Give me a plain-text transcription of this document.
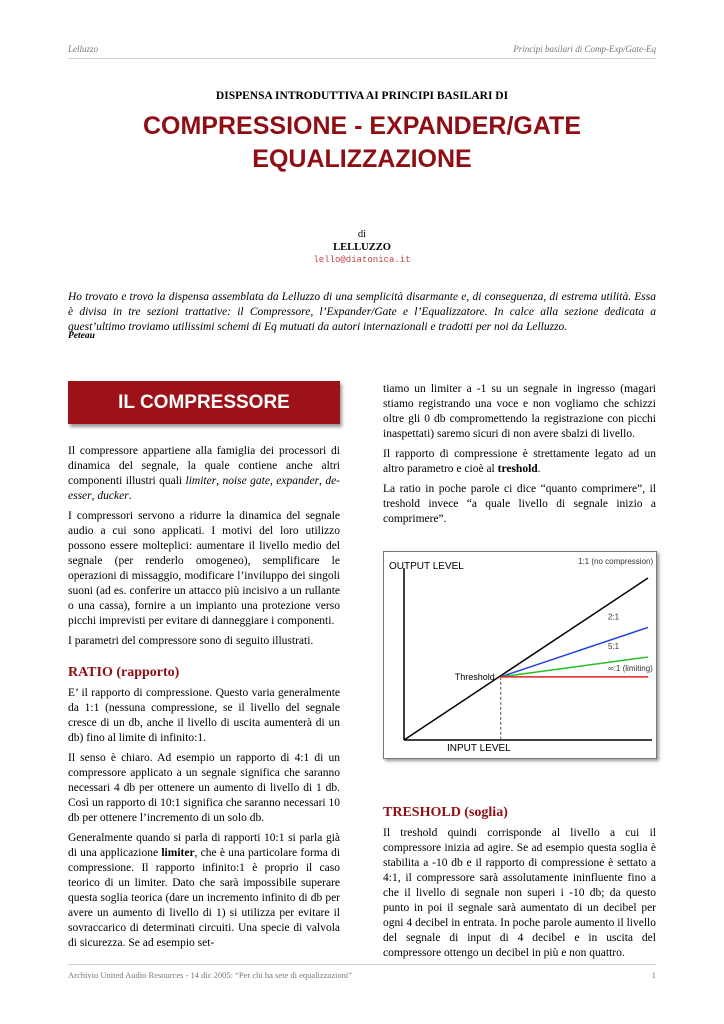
Lelluzzo	Principi basilari di Comp-Exp/Gate-Eq
DISPENSA INTRODUTTIVA AI PRINCIPI BASILARI DI
COMPRESSIONE - EXPANDER/GATE
EQUALIZZAZIONE
di
LELLUZZO
lello@diatonica.it

Ho trovato e trovo la dispensa assemblata da Lelluzzo di una semplicità disarmante e, di conseguenza, di estrema utilità. Essa è divisa in tre sezioni trattative: il Compressore, l’Expander/Gate e l’Equalizzatore. In calce alla sezione dedicata a quest’ultimo troviamo utilissimi schemi di Eq mutuati da autori internazionali e tradotti per noi da Lelluzzo.

Peteau
IL COMPRESSORE

Il compressore appartiene alla famiglia dei processori di dinamica del segnale, la quale contiene anche altri componenti illustri quali limiter, noise gate, expander, de-esser, ducker.

I compressori servono a ridurre la dinamica del segnale audio a cui sono applicati. I motivi del loro utilizzo possono essere molteplici: aumentare il livello medio del segnale (per renderlo omogeneo), semplificare le operazioni di missaggio, modificare l’inviluppo dei singoli suoni (ad es. conferire un attacco più incisivo a un rullante o una cassa), fornire a un impianto una protezione verso picchi imprevisti per evitare di danneggiare i componenti.

I parametri del compressore sono di seguito illustrati.

RATIO (rapporto)

E’ il rapporto di compressione. Questo varia generalmente da 1:1 (nessuna compressione, se il livello del segnale cresce di un db, anche il livello di uscita aumenterà di un db) fino al limite di infinito:1.

Il senso è chiaro. Ad esempio un rapporto di 4:1 di un compressore applicato a un segnale significa che saranno necessari 4 db per ottenere un aumento di livello di 1 db. Così un rapporto di 10:1 significa che saranno necessari 10 db per ottenere l’incremento di un solo db.

Generalmente quando si parla di rapporti 10:1 si parla già di una applicazione limiter, che è una particolare forma di compressione. Il rapporto infinito:1 è proprio il caso teorico di un limiter. Dato che sarà impossibile superare questa soglia teorica (dare un incremento infinito di db per avere un aumento di livello di 1) si utilizza per evitare il sovraccarico di determinati circuiti. Una specie di valvola di sicurezza. Se ad esempio set-

tiamo un limiter a -1 su un segnale in ingresso (magari stiamo registrando una voce e non vogliamo che schizzi oltre gli 0 db compromettendo la registrazione con picchi inaspettati) saremo sicuri di non avere sbalzi di livello.

Il rapporto di compressione è strettamente legato ad un altro parametro e cioè al treshold.

La ratio in poche parole ci dice “quanto comprimere”, il treshold invece “a quale livello di segnale inizio a comprimere”.

OUTPUT LEVEL
INPUT LEVEL
1:1 (no compression)
2:1
5:1
∞:1 (limiting)
Threshold
TRESHOLD (soglia)

Il treshold quindi corrisponde al livello a cui il compressore inizia ad agire. Se ad esempio questa soglia è stabilita a -10 db e il rapporto di compressione è settato a 4:1, il compressore sarà assolutamente ininfluente fino a che il livello di segnale non superi i -10 db; da questo punto in poi il segnale sarà aumentato di un decibel per ogni 4 decibel in entrata. In poche parole aumento il livello del segnale di input di 4 decibel e in uscita del compressore ottengo un decibel in più e non quattro.

Archivio United Audio Resources - 14 dic 2005: “Per chi ha sete di equalizzazioni”	1
